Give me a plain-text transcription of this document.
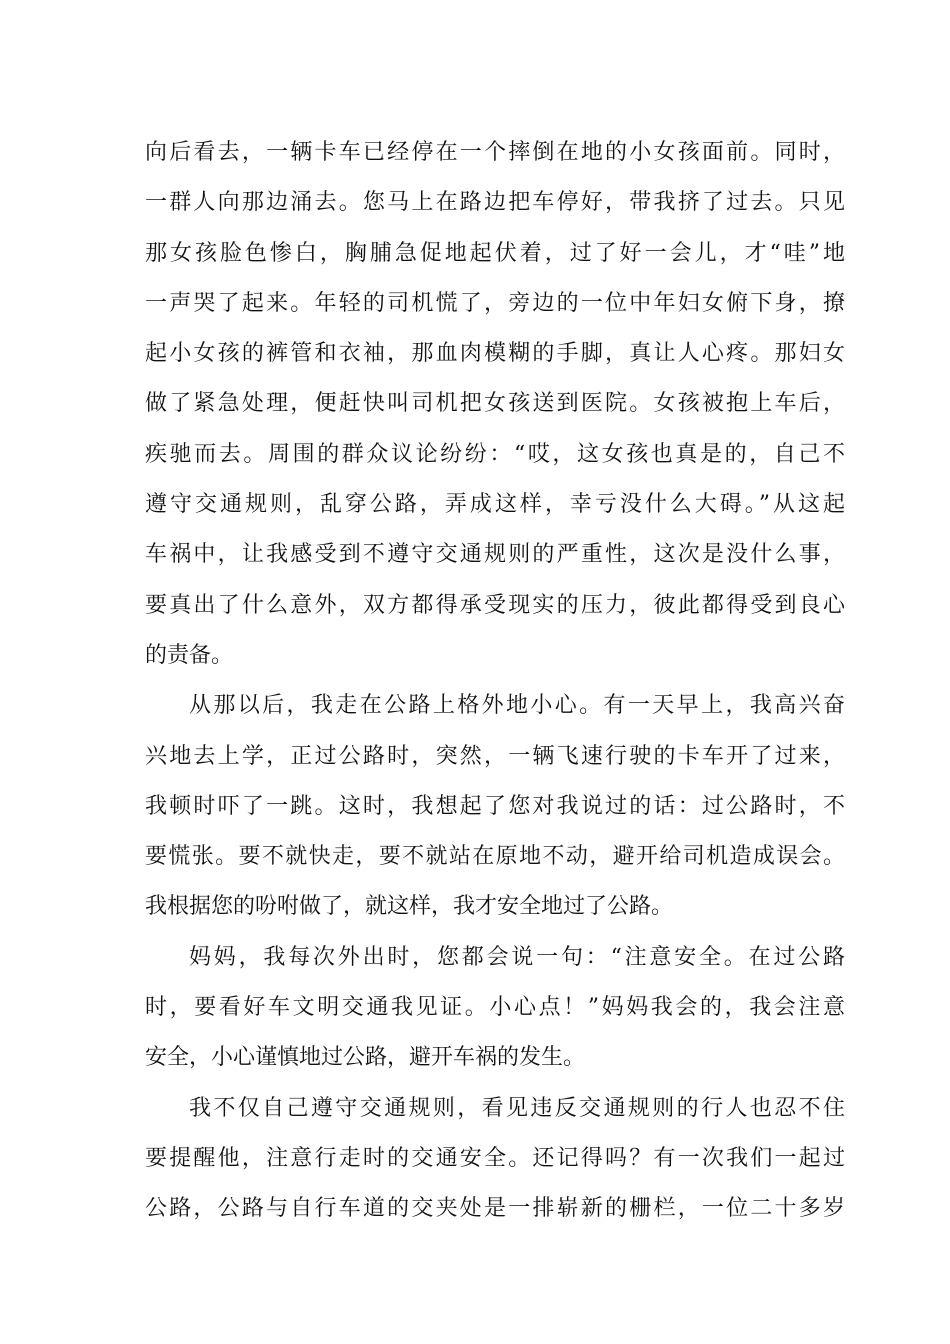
向后看去，一辆卡车已经停在一个摔倒在地的小女孩面前。同时，
一群人向那边涌去。您马上在路边把车停好，带我挤了过去。只见
那女孩脸色惨白，胸脯急促地起伏着，过了好一会儿，才“哇”地
一声哭了起来。年轻的司机慌了，旁边的一位中年妇女俯下身，撩
起小女孩的裤管和衣袖，那血肉模糊的手脚，真让人心疼。那妇女
做了紧急处理，便赶快叫司机把女孩送到医院。女孩被抱上车后，
疾驰而去。周围的群众议论纷纷：“哎，这女孩也真是的，自己不
遵守交通规则，乱穿公路，弄成这样，幸亏没什么大碍。”从这起
车祸中，让我感受到不遵守交通规则的严重性，这次是没什么事，
要真出了什么意外，双方都得承受现实的压力，彼此都得受到良心
的责备。
从那以后，我走在公路上格外地小心。有一天早上，我高兴奋
兴地去上学，正过公路时，突然，一辆飞速行驶的卡车开了过来，
我顿时吓了一跳。这时，我想起了您对我说过的话：过公路时，不
要慌张。要不就快走，要不就站在原地不动，避开给司机造成误会。
我根据您的吩咐做了，就这样，我才安全地过了公路。
妈妈，我每次外出时，您都会说一句：“注意安全。在过公路
时，要看好车文明交通我见证。小心点！”妈妈我会的，我会注意
安全，小心谨慎地过公路，避开车祸的发生。
我不仅自己遵守交通规则，看见违反交通规则的行人也忍不住
要提醒他，注意行走时的交通安全。还记得吗？有一次我们一起过
公路，公路与自行车道的交夹处是一排崭新的栅栏，一位二十多岁
